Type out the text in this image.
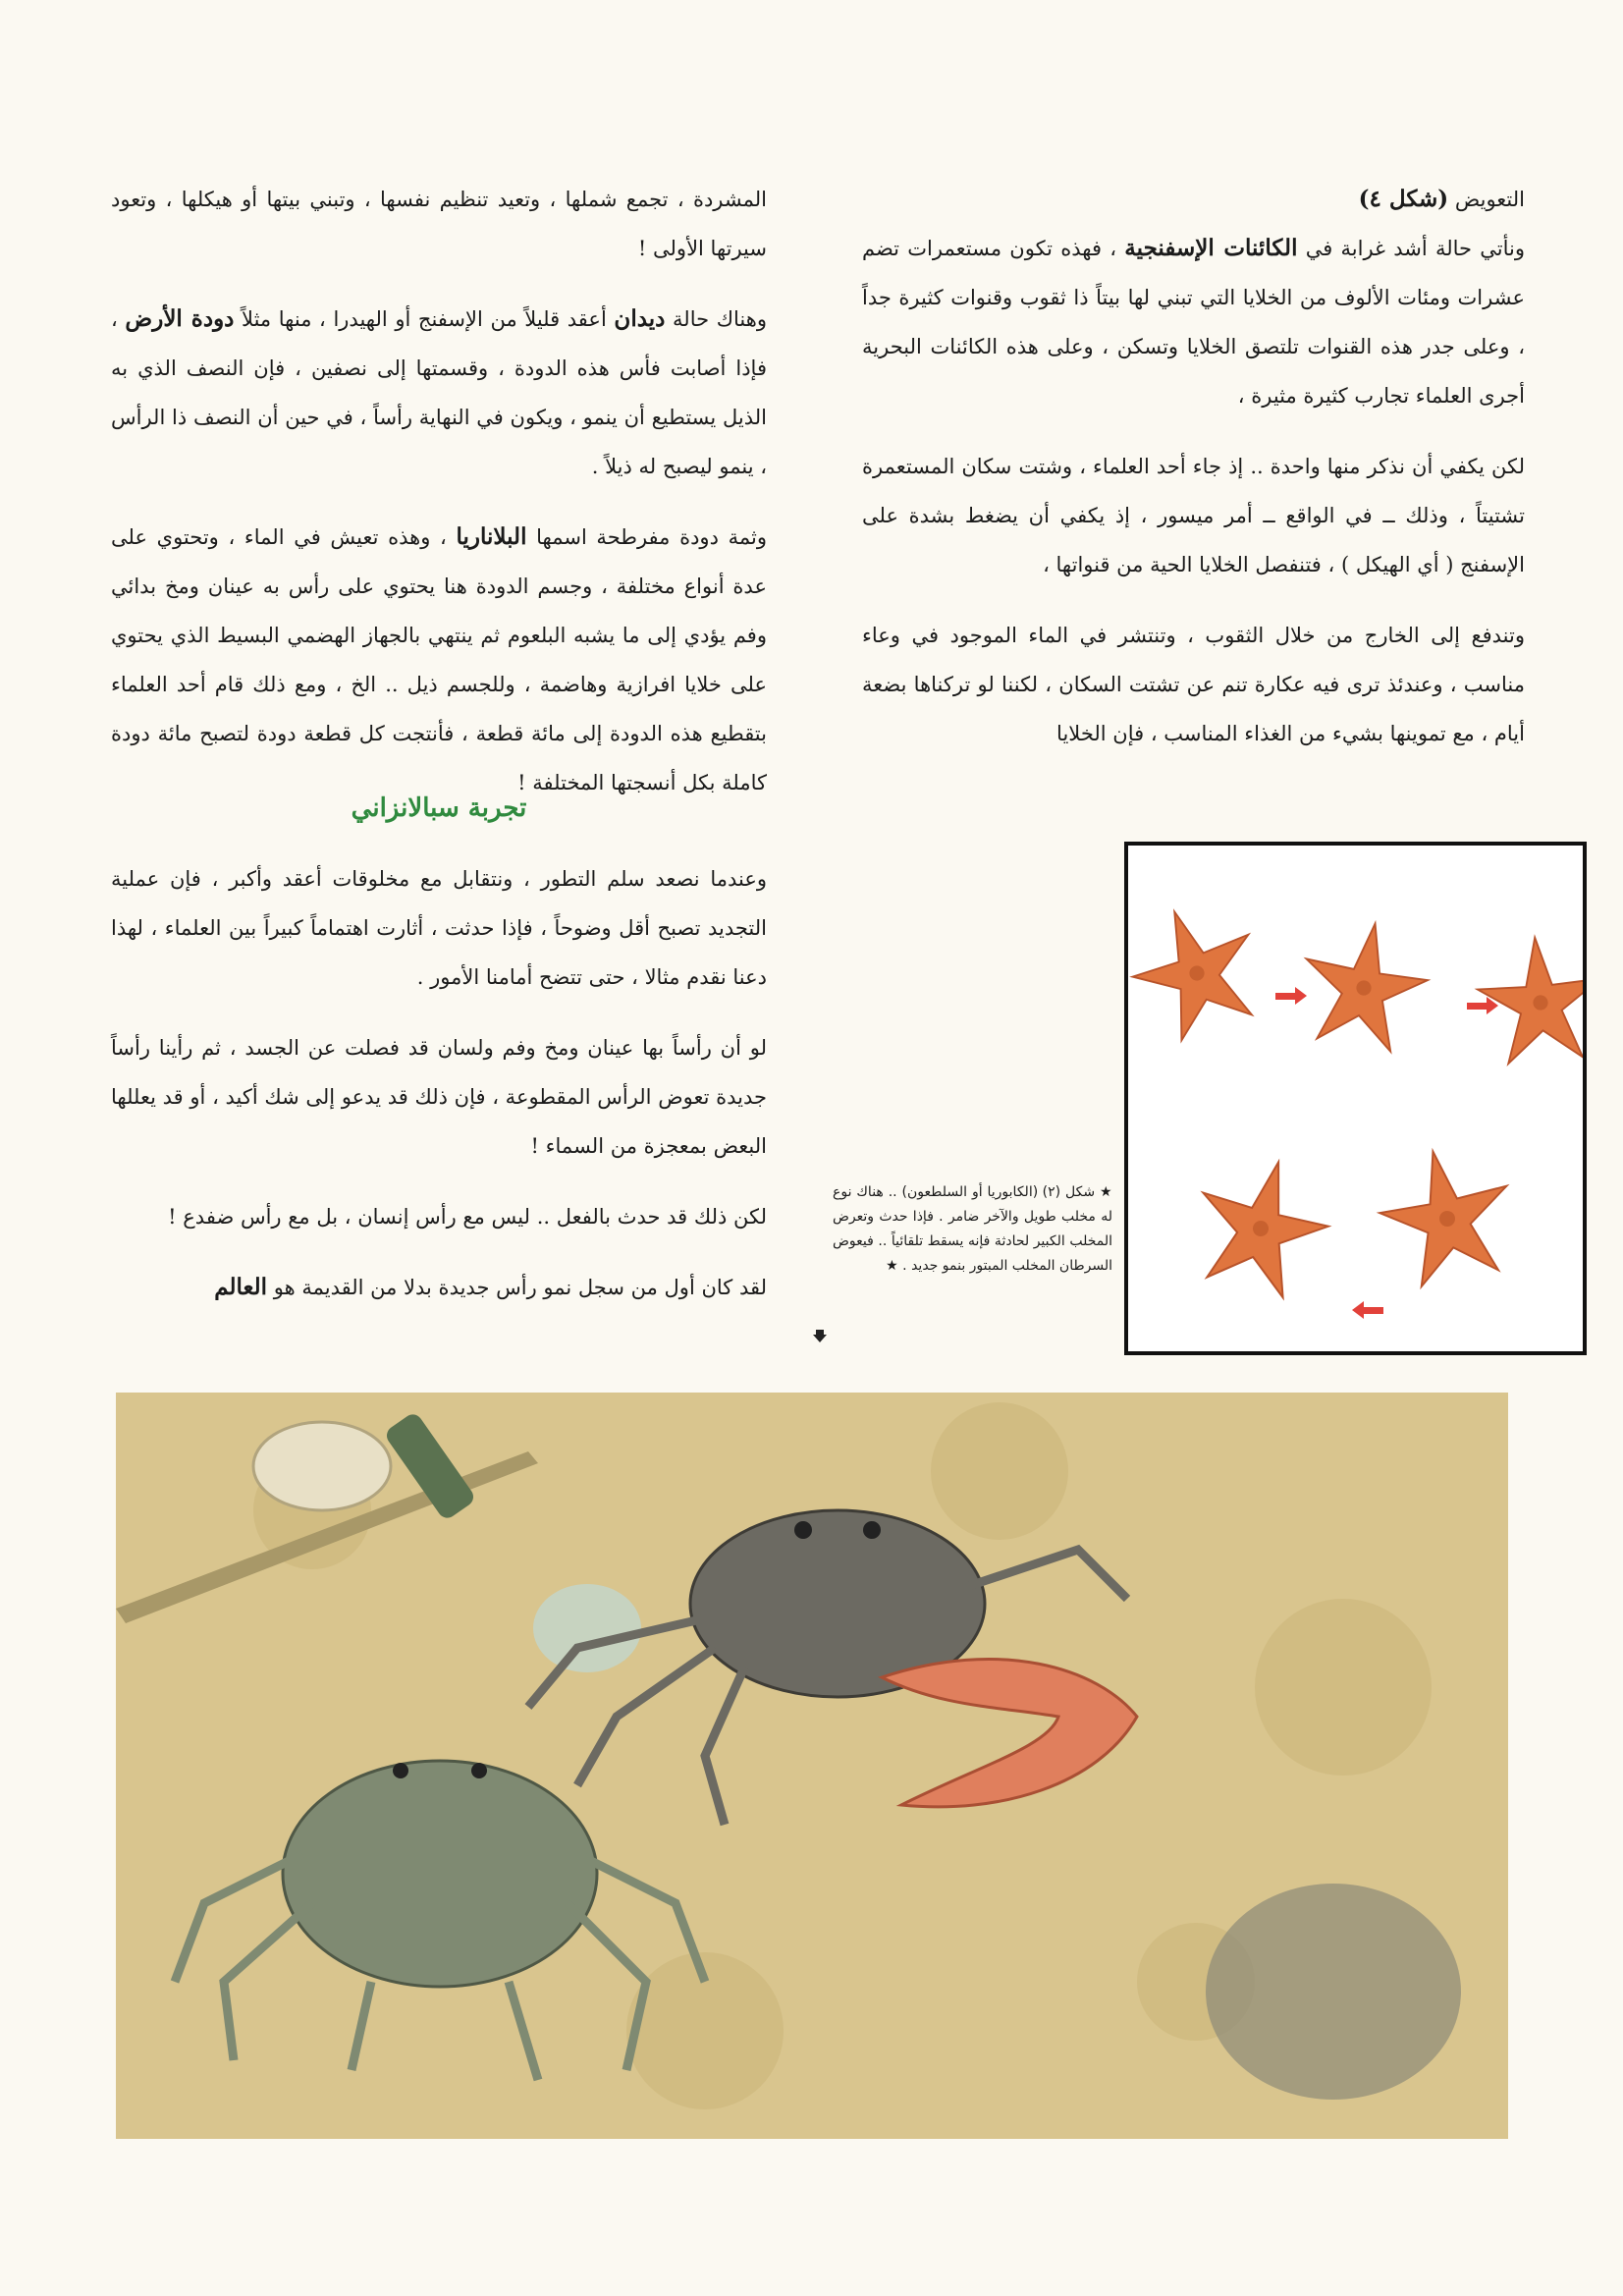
التعويض (شكل ٤)

ونأتي حالة أشد غرابة في الكائنات الإسفنجية ، فهذه تكون مستعمرات تضم عشرات ومئات الألوف من الخلايا التي تبني لها بيتاً ذا ثقوب وقنوات كثيرة جداً ، وعلى جدر هذه القنوات تلتصق الخلايا وتسكن ، وعلى هذه الكائنات البحرية أجرى العلماء تجارب كثيرة مثيرة ،

لكن يكفي أن نذكر منها واحدة .. إذ جاء أحد العلماء ، وشتت سكان المستعمرة تشتيتاً ، وذلك ــ في الواقع ــ أمر ميسور ، إذ يكفي أن يضغط بشدة على الإسفنج ( أي الهيكل ) ، فتنفصل الخلايا الحية من قنواتها ،

وتندفع إلى الخارج من خلال الثقوب ، وتنتشر في الماء الموجود في وعاء مناسب ، وعندئذ ترى فيه عكارة تنم عن تشتت السكان ، لكننا لو تركناها بضعة أيام ، مع تموينها بشيء من الغذاء المناسب ، فإن الخلايا

المشردة ، تجمع شملها ، وتعيد تنظيم نفسها ، وتبني بيتها أو هيكلها ، وتعود سيرتها الأولى !

وهناك حالة ديدان أعقد قليلاً من الإسفنج أو الهيدرا ، منها مثلاً دودة الأرض ، فإذا أصابت فأس هذه الدودة ، وقسمتها إلى نصفين ، فإن النصف الذي به الذيل يستطيع أن ينمو ، ويكون في النهاية رأساً ، في حين أن النصف ذا الرأس ، ينمو ليصبح له ذيلاً .

وثمة دودة مفرطحة اسمها البلاناريا ، وهذه تعيش في الماء ، وتحتوي على عدة أنواع مختلفة ، وجسم الدودة هنا يحتوي على رأس به عينان ومخ بدائي وفم يؤدي إلى ما يشبه البلعوم ثم ينتهي بالجهاز الهضمي البسيط الذي يحتوي على خلايا افرازية وهاضمة ، وللجسم ذيل .. الخ ، ومع ذلك قام أحد العلماء بتقطيع هذه الدودة إلى مائة قطعة ، فأنتجت كل قطعة دودة لتصبح مائة دودة كاملة بكل أنسجتها المختلفة !

تجربة سبالانزاني

وعندما نصعد سلم التطور ، ونتقابل مع مخلوقات أعقد وأكبر ، فإن عملية التجديد تصبح أقل وضوحاً ، فإذا حدثت ، أثارت اهتماماً كبيراً بين العلماء ، لهذا دعنا نقدم مثالا ، حتى تتضح أمامنا الأمور .

لو أن رأساً بها عينان ومخ وفم ولسان قد فصلت عن الجسد ، ثم رأينا رأساً جديدة تعوض الرأس المقطوعة ، فإن ذلك قد يدعو إلى شك أكيد ، أو قد يعللها البعض بمعجزة من السماء !

لكن ذلك قد حدث بالفعل .. ليس مع رأس إنسان ، بل مع رأس ضفدع !

لقد كان أول من سجل نمو رأس جديدة بدلا من القديمة هو العالم

★ شكل (٢) (الكابوريا أو السلطعون) .. هناك نوع له مخلب طويل والآخر ضامر . فإذا حدث وتعرض المخلب الكبير لحادثة فإنه يسقط تلقائياً .. فيعوض السرطان المخلب المبتور بنمو جديد . ★
